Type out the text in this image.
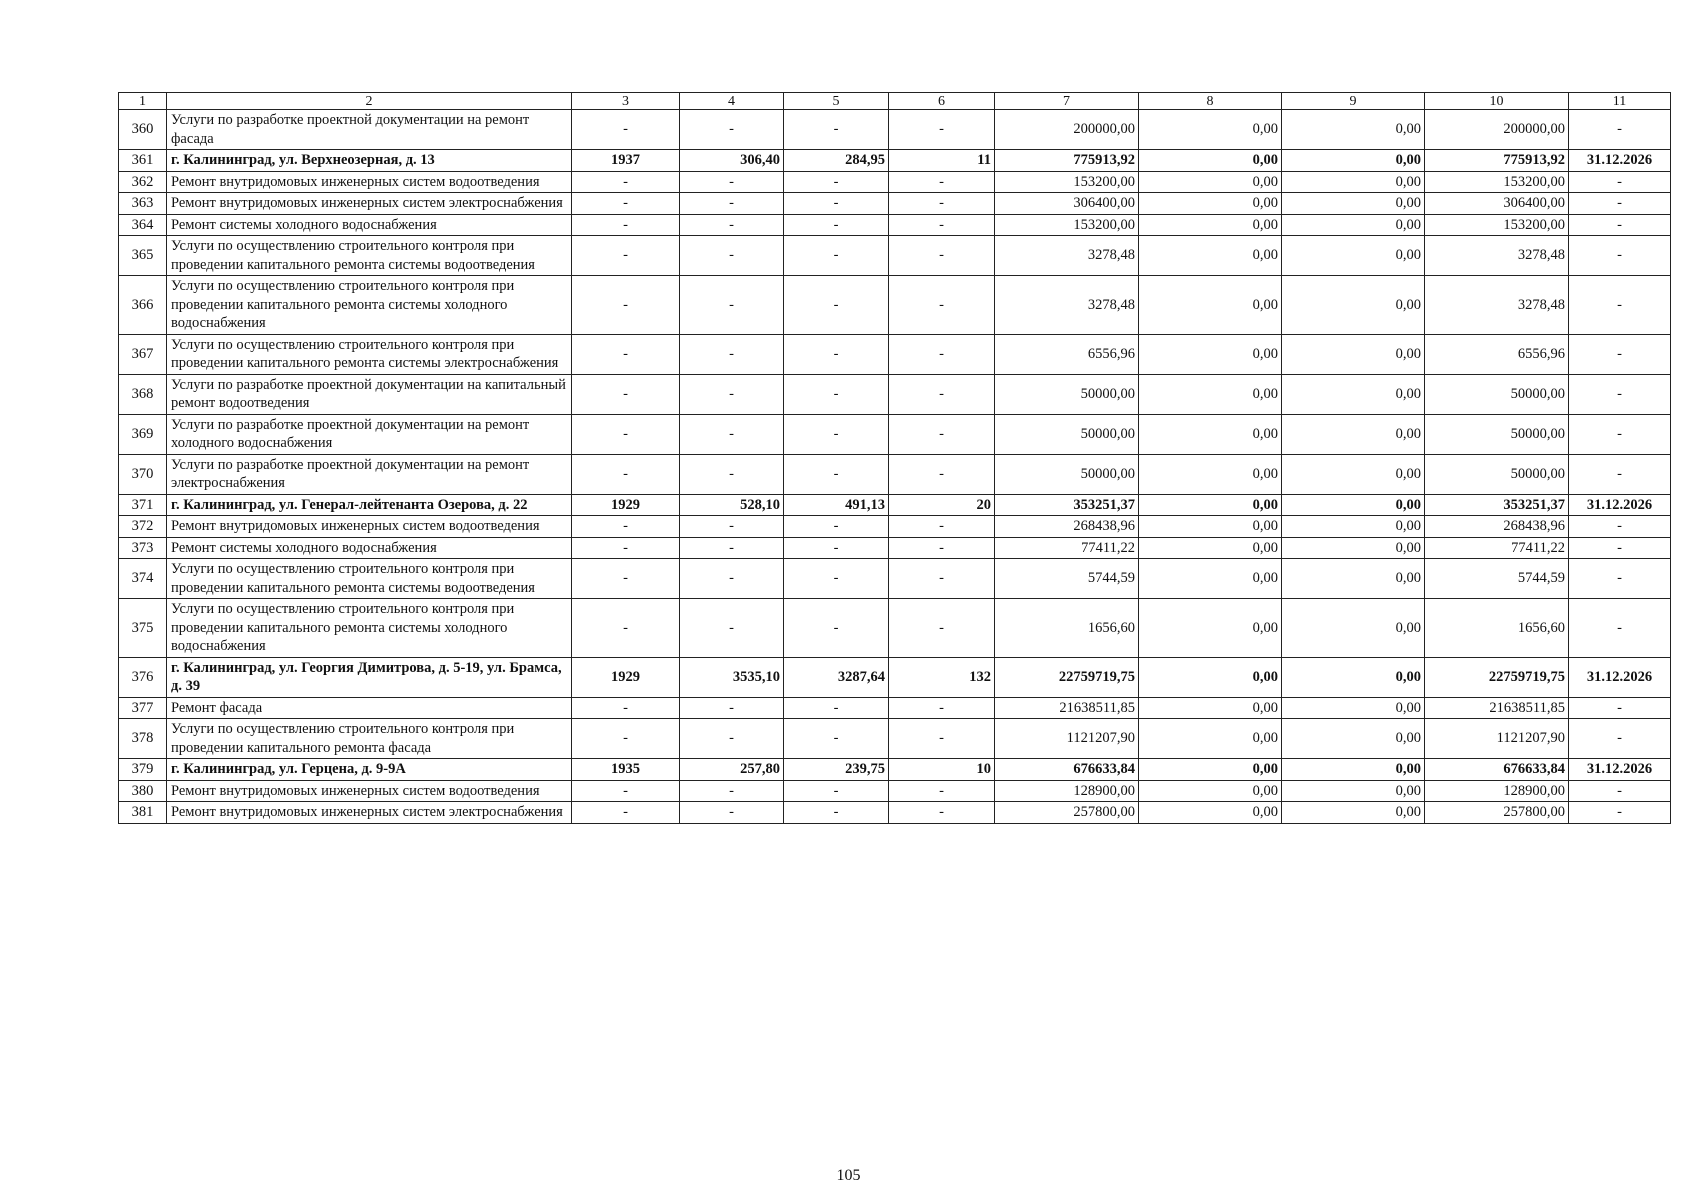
1	2	3	4	5	6	7	8	9	10	11
360	Услуги по разработке проектной документации на ремонт фасада	-	-	-	-	200000,00	0,00	0,00	200000,00	-
361	г. Калининград, ул. Верхнеозерная, д. 13	1937	306,40	284,95	11	775913,92	0,00	0,00	775913,92	31.12.2026
362	Ремонт внутридомовых инженерных систем водоотведения	-	-	-	-	153200,00	0,00	0,00	153200,00	-
363	Ремонт внутридомовых инженерных систем электроснабжения	-	-	-	-	306400,00	0,00	0,00	306400,00	-
364	Ремонт системы холодного водоснабжения	-	-	-	-	153200,00	0,00	0,00	153200,00	-
365	Услуги по осуществлению строительного контроля при проведении капитального ремонта системы водоотведения	-	-	-	-	3278,48	0,00	0,00	3278,48	-
366	Услуги по осуществлению строительного контроля при проведении капитального ремонта системы холодного водоснабжения	-	-	-	-	3278,48	0,00	0,00	3278,48	-
367	Услуги по осуществлению строительного контроля при проведении капитального ремонта системы электроснабжения	-	-	-	-	6556,96	0,00	0,00	6556,96	-
368	Услуги по разработке проектной документации на капитальный ремонт водоотведения	-	-	-	-	50000,00	0,00	0,00	50000,00	-
369	Услуги по разработке проектной документации на ремонт холодного водоснабжения	-	-	-	-	50000,00	0,00	0,00	50000,00	-
370	Услуги по разработке проектной документации на ремонт электроснабжения	-	-	-	-	50000,00	0,00	0,00	50000,00	-
371	г. Калининград, ул. Генерал-лейтенанта Озерова, д. 22	1929	528,10	491,13	20	353251,37	0,00	0,00	353251,37	31.12.2026
372	Ремонт внутридомовых инженерных систем водоотведения	-	-	-	-	268438,96	0,00	0,00	268438,96	-
373	Ремонт системы холодного водоснабжения	-	-	-	-	77411,22	0,00	0,00	77411,22	-
374	Услуги по осуществлению строительного контроля при проведении капитального ремонта системы водоотведения	-	-	-	-	5744,59	0,00	0,00	5744,59	-
375	Услуги по осуществлению строительного контроля при проведении капитального ремонта системы холодного водоснабжения	-	-	-	-	1656,60	0,00	0,00	1656,60	-
376	г. Калининград, ул. Георгия Димитрова, д. 5-19, ул. Брамса, д. 39	1929	3535,10	3287,64	132	22759719,75	0,00	0,00	22759719,75	31.12.2026
377	Ремонт фасада	-	-	-	-	21638511,85	0,00	0,00	21638511,85	-
378	Услуги по осуществлению строительного контроля при проведении капитального ремонта фасада	-	-	-	-	1121207,90	0,00	0,00	1121207,90	-
379	г. Калининград, ул. Герцена, д. 9-9А	1935	257,80	239,75	10	676633,84	0,00	0,00	676633,84	31.12.2026
380	Ремонт внутридомовых инженерных систем водоотведения	-	-	-	-	128900,00	0,00	0,00	128900,00	-
381	Ремонт внутридомовых инженерных систем электроснабжения	-	-	-	-	257800,00	0,00	0,00	257800,00	-
105
